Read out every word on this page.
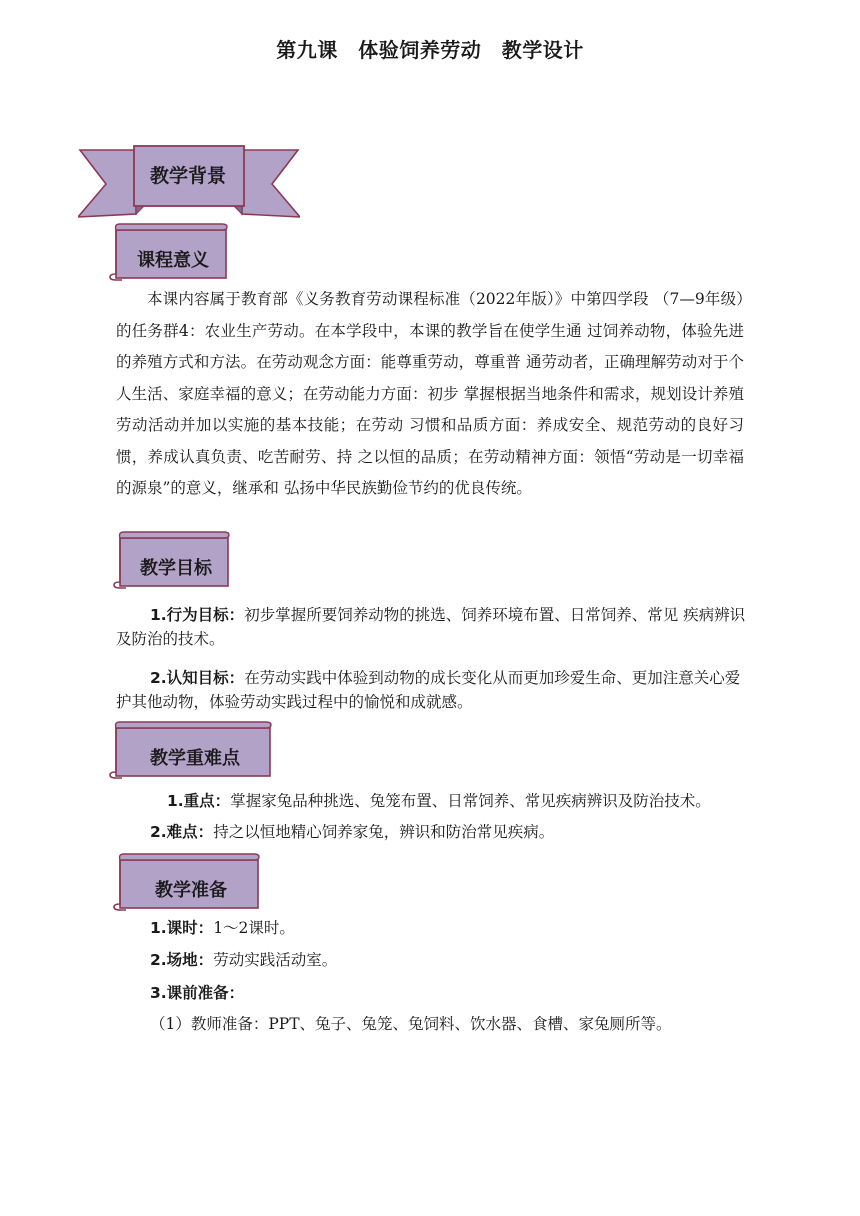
第九课　体验饲养劳动　教学设计
教学背景
课程意义

本课内容属于教育部《义务教育劳动课程标准（2022年版）》中第四学段 （7—9年级）的任务群4：农业生产劳动。在本学段中，本课的教学旨在使学生通 过饲养动物，体验先进的养殖方式和方法。在劳动观念方面：能尊重劳动，尊重普 通劳动者，正确理解劳动对于个人生活、家庭幸福的意义；在劳动能力方面：初步 掌握根据当地条件和需求，规划设计养殖劳动活动并加以实施的基本技能；在劳动 习惯和品质方面：养成安全、规范劳动的良好习惯，养成认真负责、吃苦耐劳、持 之以恒的品质；在劳动精神方面：领悟“劳动是一切幸福的源泉”的意义，继承和 弘扬中华民族勤俭节约的优良传统。

教学目标

1.行为目标：初步掌握所要饲养动物的挑选、饲养环境布置、日常饲养、常见 疾病辨识及防治的技术。

2.认知目标：在劳动实践中体验到动物的成长变化从而更加珍爱生命、更加注意关心爱护其他动物，体验劳动实践过程中的愉悦和成就感。

教学重难点

1.重点：掌握家兔品种挑选、兔笼布置、日常饲养、常见疾病辨识及防治技术。

2.难点：持之以恒地精心饲养家兔，辨识和防治常见疾病。

教学准备

1.课时：1～2课时。

2.场地：劳动实践活动室。

3.课前准备：

（1）教师准备：PPT、兔子、兔笼、兔饲料、饮水器、食槽、家兔厕所等。
